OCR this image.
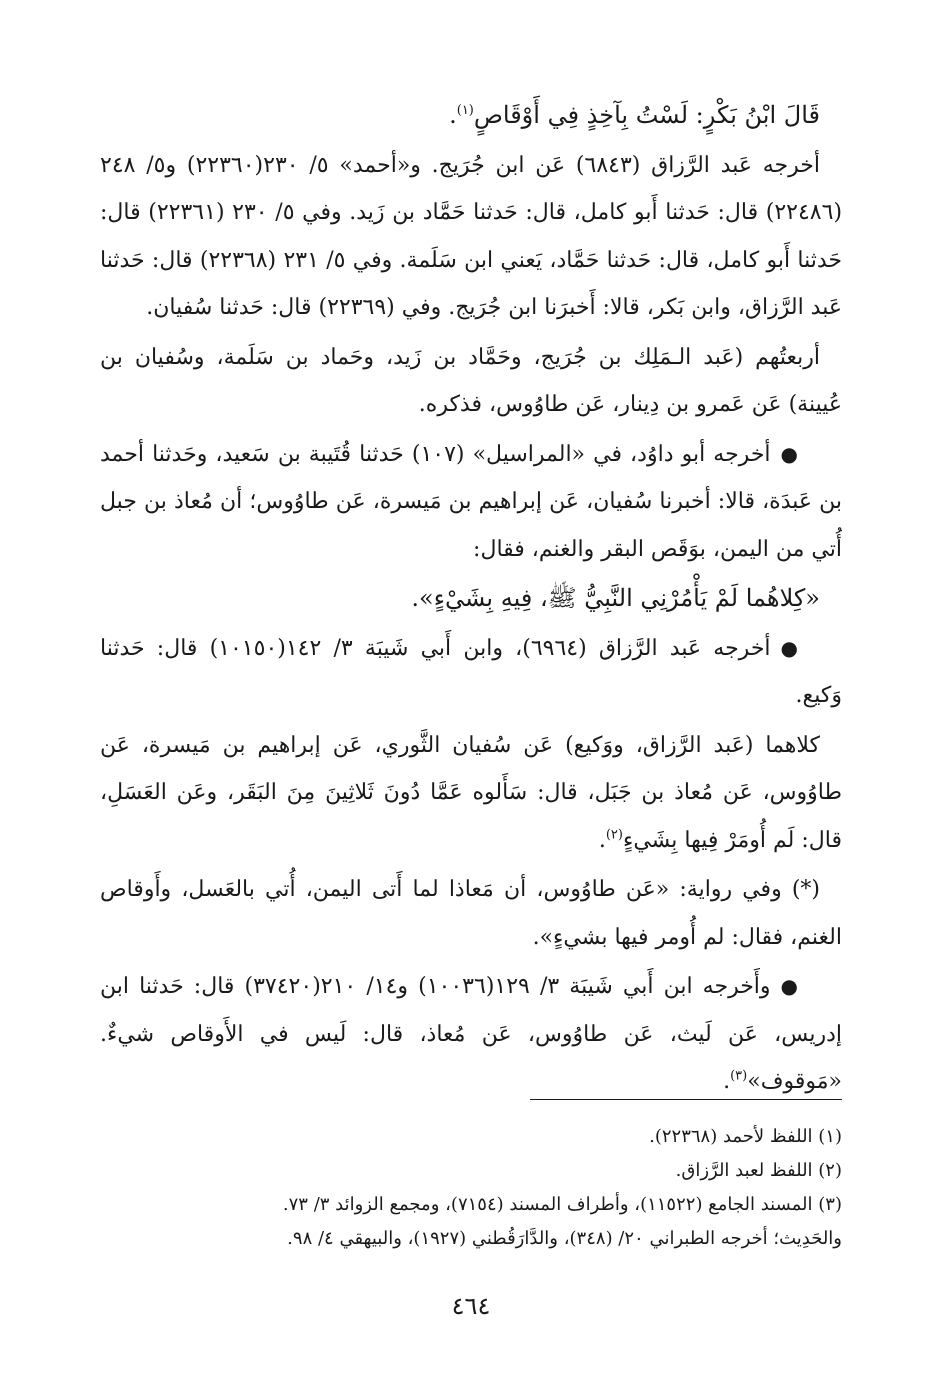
قَالَ ابْنُ بَكْرٍ: لَسْتُ بِآخِذٍ فِي أَوْقَاصٍ$^{(١)}$.

أخرجه عَبد الرَّزاق (٦٨٤٣) عَن ابن جُرَيج. و«أحمد» ٥/ ٢٣٠(٢٢٣٦٠) و٥/ ٢٤٨ (٢٢٤٨٦) قال: حَدثنا أَبو كامل، قال: حَدثنا حَمَّاد بن زَيد. وفي ٥/ ٢٣٠ (٢٢٣٦١) قال: حَدثنا أَبو كامل، قال: حَدثنا حَمَّاد، يَعني ابن سَلَمة. وفي ٥/ ٢٣١ (٢٢٣٦٨) قال: حَدثنا عَبد الرَّزاق، وابن بَكر، قالا: أَخبرَنا ابن جُرَيج. وفي (٢٢٣٦٩) قال: حَدثنا سُفيان.

أربعتُهم (عَبد الـمَلِك بن جُرَيج، وحَمَّاد بن زَيد، وحَماد بن سَلَمة، وسُفيان بن عُيينة) عَن عَمرو بن دِينار، عَن طاوُوس، فذكره.

●أخرجه أبو داوُد، في «المراسيل» (١٠٧) حَدثنا قُتَيبة بن سَعيد، وحَدثنا أحمد بن عَبدَة، قالا: أخبرنا سُفيان، عَن إبراهيم بن مَيسرة، عَن طاوُوس؛ أن مُعاذ بن جبل أُتي من اليمن، بوَقَص البقر والغنم، فقال:

«كِلاهُما لَمْ يَأْمُرْنِي النَّبِيُّ ﷺ، فِيهِ بِشَيْءٍ».

●أخرجه عَبد الرَّزاق (٦٩٦٤)، وابن أَبي شَيبَة ٣/ ١٤٢(١٠١٥٠) قال: حَدثنا وَكيع.

كلاهما (عَبد الرَّزاق، ووَكيع) عَن سُفيان الثَّوري، عَن إبراهيم بن مَيسرة، عَن طاوُوس، عَن مُعاذ بن جَبَل، قال: سَأَلوه عَمَّا دُونَ ثَلاثِينَ مِنَ البَقَر، وعَن العَسَلِ، قال: لَم أُومَرْ فِيها بِشَيءٍ$^{(٢)}$.

(*) وفي رواية: «عَن طاوُوس، أن مَعاذا لما أَتى اليمن، أُتي بالعَسل، وأَوقاص الغنم، فقال: لم أُومر فيها بشيءٍ».

●وأَخرجه ابن أَبي شَيبَة ٣/ ١٢٩(١٠٠٣٦) و١٤/ ٢١٠(٣٧٤٢٠) قال: حَدثنا ابن إدريس، عَن لَيث، عَن طاوُوس، عَن مُعاذ، قال: لَيس في الأَوقاص شيءٌ. «مَوقوف»$^{(٣)}$.

(١) اللفظ لأحمد (٢٢٣٦٨).

(٢) اللفظ لعبد الرَّزاق.

(٣) المسند الجامع (١١٥٢٢)، وأطراف المسند (٧١٥٤)، ومجمع الزوائد ٣/ ٧٣.

والحَدِيث؛ أخرجه الطبراني ٢٠/ (٣٤٨)، والدَّارَقُطني (١٩٢٧)، والبيهقي ٤/ ٩٨.

٤٦٤
